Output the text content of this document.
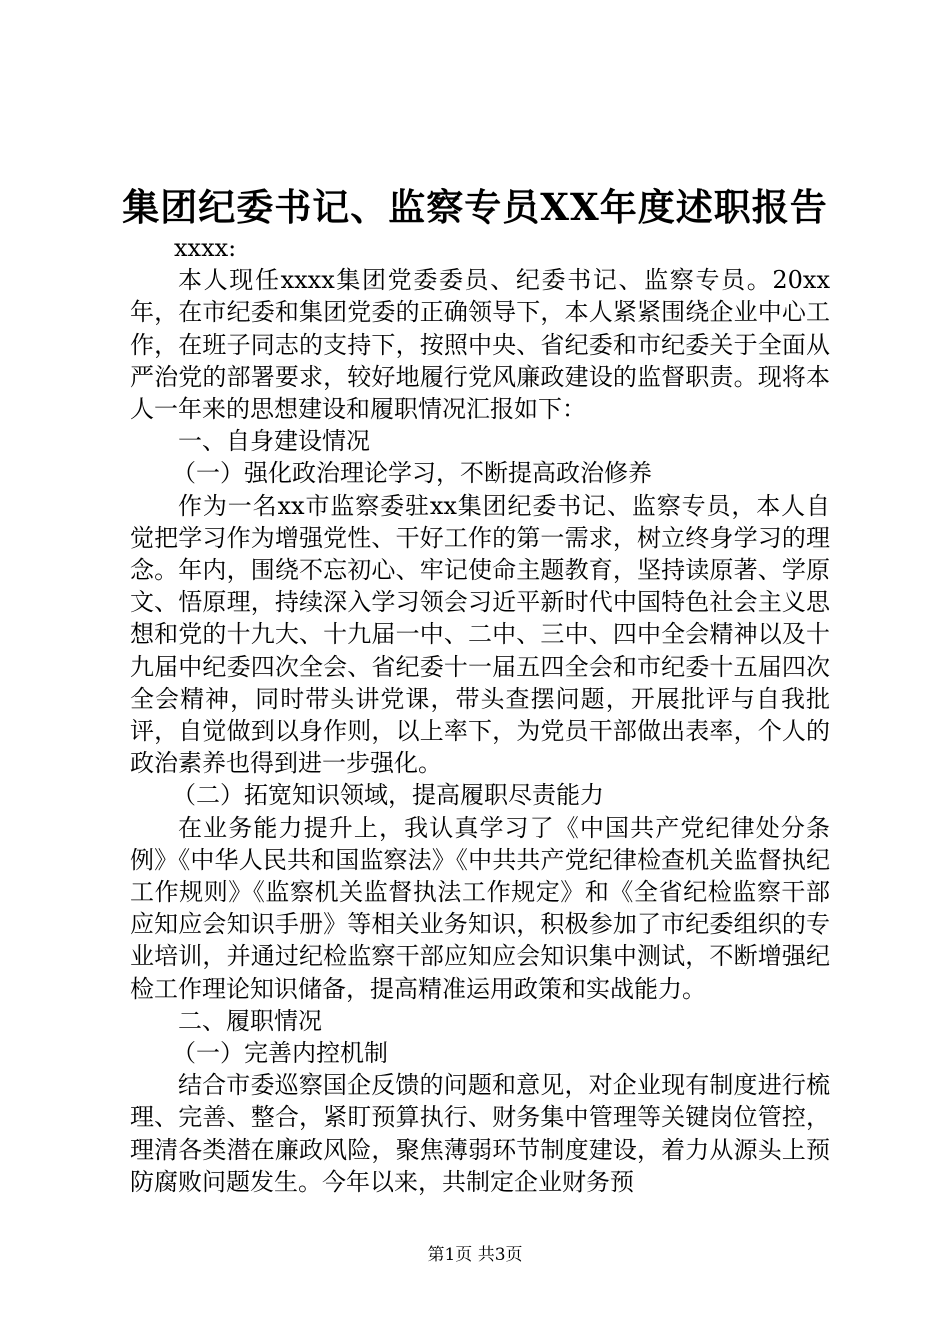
集团纪委书记、监察专员XX年度述职报告

xxxx:

本人现任xxxx集团党委委员、纪委书记、监察专员。20xx年，在市纪委和集团党委的正确领导下，本人紧紧围绕企业中心工作，在班子同志的支持下，按照中央、省纪委和市纪委关于全面从严治党的部署要求，较好地履行党风廉政建设的监督职责。现将本人一年来的思想建设和履职情况汇报如下：

一、自身建设情况

（一）强化政治理论学习，不断提高政治修养

作为一名xx市监察委驻xx集团纪委书记、监察专员，本人自觉把学习作为增强党性、干好工作的第一需求，树立终身学习的理念。年内，围绕不忘初心、牢记使命主题教育，坚持读原著、学原文、悟原理，持续深入学习领会习近平新时代中国特色社会主义思想和党的十九大、十九届一中、二中、三中、四中全会精神以及十九届中纪委四次全会、省纪委十一届五四全会和市纪委十五届四次全会精神，同时带头讲党课，带头查摆问题，开展批评与自我批评，自觉做到以身作则，以上率下，为党员干部做出表率，个人的政治素养也得到进一步强化。

（二）拓宽知识领域，提高履职尽责能力

在业务能力提升上，我认真学习了《中国共产党纪律处分条例》《中华人民共和国监察法》《中共共产党纪律检查机关监督执纪工作规则》《监察机关监督执法工作规定》和《全省纪检监察干部应知应会知识手册》等相关业务知识，积极参加了市纪委组织的专业培训，并通过纪检监察干部应知应会知识集中测试，不断增强纪检工作理论知识储备，提高精准运用政策和实战能力。

二、履职情况

（一）完善内控机制

结合市委巡察国企反馈的问题和意见，对企业现有制度进行梳理、完善、整合，紧盯预算执行、财务集中管理等关键岗位管控，理清各类潜在廉政风险，聚焦薄弱环节制度建设，着力从源头上预防腐败问题发生。今年以来，共制定企业财务预

第1页 共3页
